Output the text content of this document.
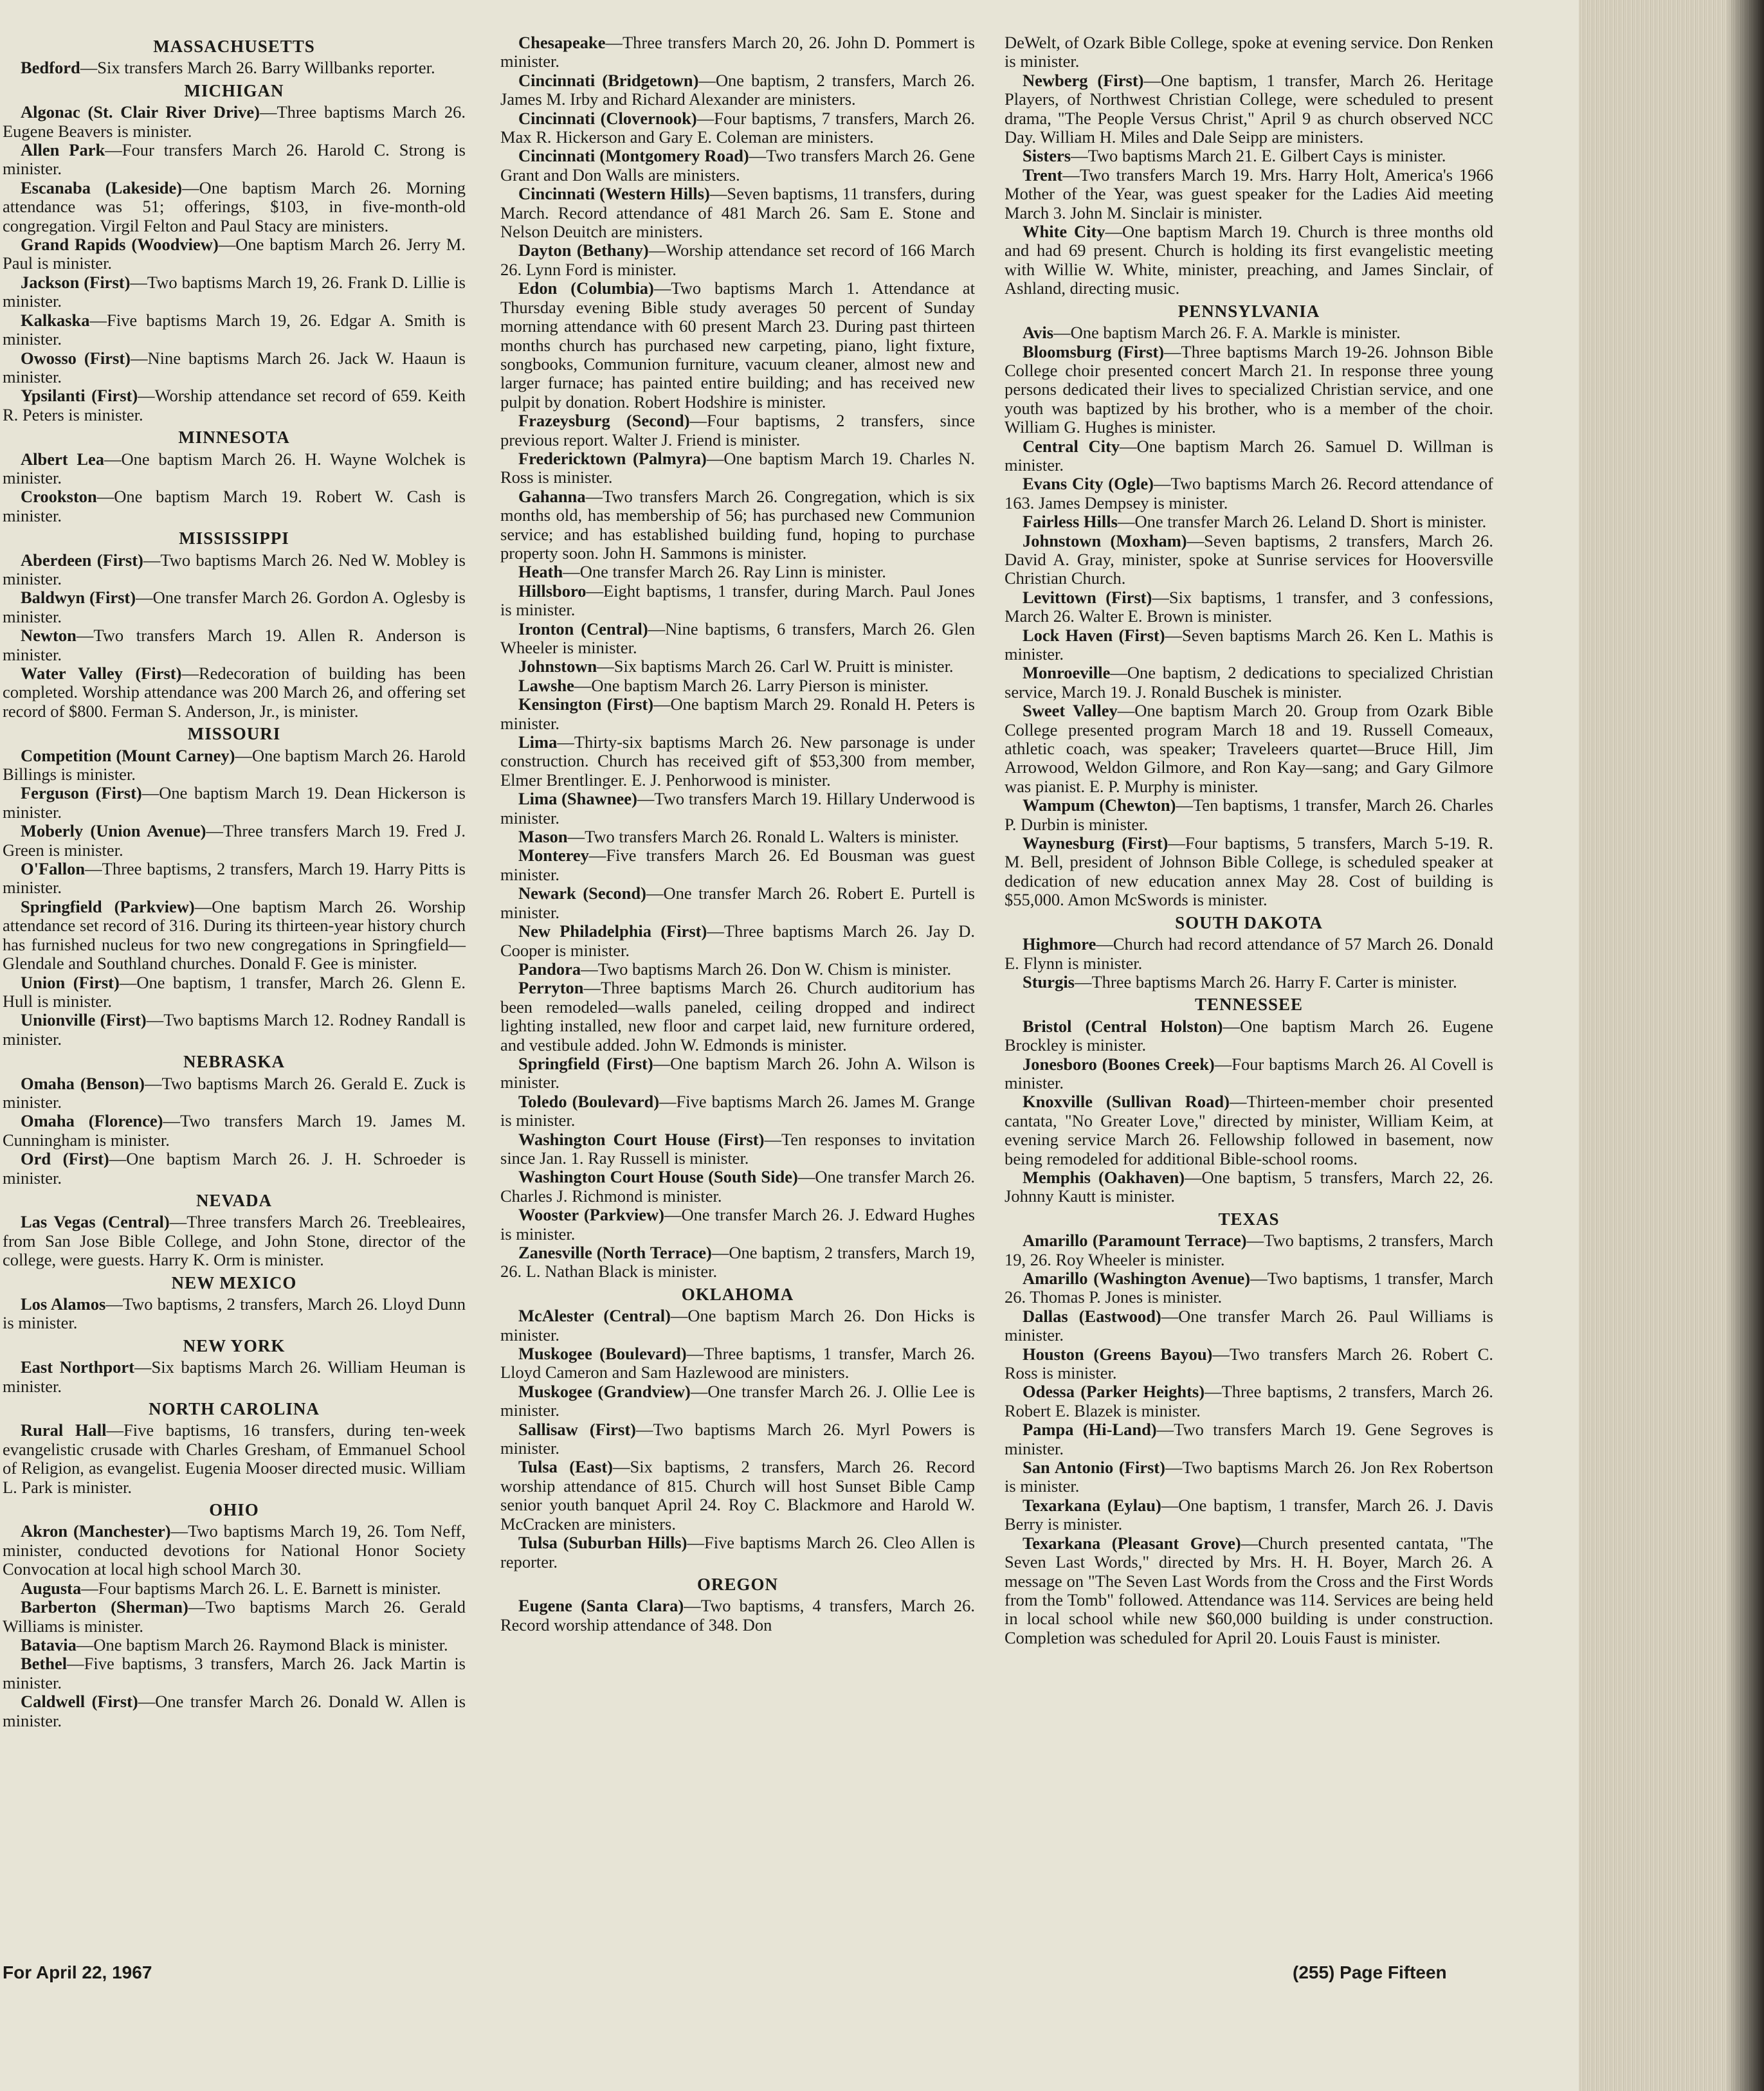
MASSACHUSETTS

Bedford—Six transfers March 26. Barry Willbanks reporter.

MICHIGAN

Algonac (St. Clair River Drive)—Three baptisms March 26. Eugene Beavers is minister.

Allen Park—Four transfers March 26. Harold C. Strong is minister.

Escanaba (Lakeside)—One baptism March 26. Morning attendance was 51; offerings, $103, in five-month-old congregation. Virgil Felton and Paul Stacy are ministers.

Grand Rapids (Woodview)—One baptism March 26. Jerry M. Paul is minister.

Jackson (First)—Two baptisms March 19, 26. Frank D. Lillie is minister.

Kalkaska—Five baptisms March 19, 26. Edgar A. Smith is minister.

Owosso (First)—Nine baptisms March 26. Jack W. Haaun is minister.

Ypsilanti (First)—Worship attendance set record of 659. Keith R. Peters is minister.

MINNESOTA

Albert Lea—One baptism March 26. H. Wayne Wolchek is minister.

Crookston—One baptism March 19. Robert W. Cash is minister.

MISSISSIPPI

Aberdeen (First)—Two baptisms March 26. Ned W. Mobley is minister.

Baldwyn (First)—One transfer March 26. Gordon A. Oglesby is minister.

Newton—Two transfers March 19. Allen R. Anderson is minister.

Water Valley (First)—Redecoration of building has been completed. Worship attendance was 200 March 26, and offering set record of $800. Ferman S. Anderson, Jr., is minister.

MISSOURI

Competition (Mount Carney)—One baptism March 26. Harold Billings is minister.

Ferguson (First)—One baptism March 19. Dean Hickerson is minister.

Moberly (Union Avenue)—Three transfers March 19. Fred J. Green is minister.

O'Fallon—Three baptisms, 2 transfers, March 19. Harry Pitts is minister.

Springfield (Parkview)—One baptism March 26. Worship attendance set record of 316. During its thirteen-year history church has furnished nucleus for two new congregations in Springfield—Glendale and Southland churches. Donald F. Gee is minister.

Union (First)—One baptism, 1 transfer, March 26. Glenn E. Hull is minister.

Unionville (First)—Two baptisms March 12. Rodney Randall is minister.

NEBRASKA

Omaha (Benson)—Two baptisms March 26. Gerald E. Zuck is minister.

Omaha (Florence)—Two transfers March 19. James M. Cunningham is minister.

Ord (First)—One baptism March 26. J. H. Schroeder is minister.

NEVADA

Las Vegas (Central)—Three transfers March 26. Treebleaires, from San Jose Bible College, and John Stone, director of the college, were guests. Harry K. Orm is minister.

NEW MEXICO

Los Alamos—Two baptisms, 2 transfers, March 26. Lloyd Dunn is minister.

NEW YORK

East Northport—Six baptisms March 26. William Heuman is minister.

NORTH CAROLINA

Rural Hall—Five baptisms, 16 transfers, during ten-week evangelistic crusade with Charles Gresham, of Emmanuel School of Religion, as evangelist. Eugenia Mooser directed music. William L. Park is minister.

OHIO

Akron (Manchester)—Two baptisms March 19, 26. Tom Neff, minister, conducted devotions for National Honor Society Convocation at local high school March 30.

Augusta—Four baptisms March 26. L. E. Barnett is minister.

Barberton (Sherman)—Two baptisms March 26. Gerald Williams is minister.

Batavia—One baptism March 26. Raymond Black is minister.

Bethel—Five baptisms, 3 transfers, March 26. Jack Martin is minister.

Caldwell (First)—One transfer March 26. Donald W. Allen is minister.

Chesapeake—Three transfers March 20, 26. John D. Pommert is minister.

Cincinnati (Bridgetown)—One baptism, 2 transfers, March 26. James M. Irby and Richard Alexander are ministers.

Cincinnati (Clovernook)—Four baptisms, 7 transfers, March 26. Max R. Hickerson and Gary E. Coleman are ministers.

Cincinnati (Montgomery Road)—Two transfers March 26. Gene Grant and Don Walls are ministers.

Cincinnati (Western Hills)—Seven baptisms, 11 transfers, during March. Record attendance of 481 March 26. Sam E. Stone and Nelson Deuitch are ministers.

Dayton (Bethany)—Worship attendance set record of 166 March 26. Lynn Ford is minister.

Edon (Columbia)—Two baptisms March 1. Attendance at Thursday evening Bible study averages 50 percent of Sunday morning attendance with 60 present March 23. During past thirteen months church has purchased new carpeting, piano, light fixture, songbooks, Communion furniture, vacuum cleaner, almost new and larger furnace; has painted entire building; and has received new pulpit by donation. Robert Hodshire is minister.

Frazeysburg (Second)—Four baptisms, 2 transfers, since previous report. Walter J. Friend is minister.

Fredericktown (Palmyra)—One baptism March 19. Charles N. Ross is minister.

Gahanna—Two transfers March 26. Congregation, which is six months old, has membership of 56; has purchased new Communion service; and has established building fund, hoping to purchase property soon. John H. Sammons is minister.

Heath—One transfer March 26. Ray Linn is minister.

Hillsboro—Eight baptisms, 1 transfer, during March. Paul Jones is minister.

Ironton (Central)—Nine baptisms, 6 transfers, March 26. Glen Wheeler is minister.

Johnstown—Six baptisms March 26. Carl W. Pruitt is minister.

Lawshe—One baptism March 26. Larry Pierson is minister.

Kensington (First)—One baptism March 29. Ronald H. Peters is minister.

Lima—Thirty-six baptisms March 26. New parsonage is under construction. Church has received gift of $53,300 from member, Elmer Brentlinger. E. J. Penhorwood is minister.

Lima (Shawnee)—Two transfers March 19. Hillary Underwood is minister.

Mason—Two transfers March 26. Ronald L. Walters is minister.

Monterey—Five transfers March 26. Ed Bousman was guest minister.

Newark (Second)—One transfer March 26. Robert E. Purtell is minister.

New Philadelphia (First)—Three baptisms March 26. Jay D. Cooper is minister.

Pandora—Two baptisms March 26. Don W. Chism is minister.

Perryton—Three baptisms March 26. Church auditorium has been remodeled—walls paneled, ceiling dropped and indirect lighting installed, new floor and carpet laid, new furniture ordered, and vestibule added. John W. Edmonds is minister.

Springfield (First)—One baptism March 26. John A. Wilson is minister.

Toledo (Boulevard)—Five baptisms March 26. James M. Grange is minister.

Washington Court House (First)—Ten responses to invitation since Jan. 1. Ray Russell is minister.

Washington Court House (South Side)—One transfer March 26. Charles J. Richmond is minister.

Wooster (Parkview)—One transfer March 26. J. Edward Hughes is minister.

Zanesville (North Terrace)—One baptism, 2 transfers, March 19, 26. L. Nathan Black is minister.

OKLAHOMA

McAlester (Central)—One baptism March 26. Don Hicks is minister.

Muskogee (Boulevard)—Three baptisms, 1 transfer, March 26. Lloyd Cameron and Sam Hazlewood are ministers.

Muskogee (Grandview)—One transfer March 26. J. Ollie Lee is minister.

Sallisaw (First)—Two baptisms March 26. Myrl Powers is minister.

Tulsa (East)—Six baptisms, 2 transfers, March 26. Record worship attendance of 815. Church will host Sunset Bible Camp senior youth banquet April 24. Roy C. Blackmore and Harold W. McCracken are ministers.

Tulsa (Suburban Hills)—Five baptisms March 26. Cleo Allen is reporter.

OREGON

Eugene (Santa Clara)—Two baptisms, 4 transfers, March 26. Record worship attendance of 348. Don

DeWelt, of Ozark Bible College, spoke at evening service. Don Renken is minister.

Newberg (First)—One baptism, 1 transfer, March 26. Heritage Players, of Northwest Christian College, were scheduled to present drama, "The People Versus Christ," April 9 as church observed NCC Day. William H. Miles and Dale Seipp are ministers.

Sisters—Two baptisms March 21. E. Gilbert Cays is minister.

Trent—Two transfers March 19. Mrs. Harry Holt, America's 1966 Mother of the Year, was guest speaker for the Ladies Aid meeting March 3. John M. Sinclair is minister.

White City—One baptism March 19. Church is three months old and had 69 present. Church is holding its first evangelistic meeting with Willie W. White, minister, preaching, and James Sinclair, of Ashland, directing music.

PENNSYLVANIA

Avis—One baptism March 26. F. A. Markle is minister.

Bloomsburg (First)—Three baptisms March 19-26. Johnson Bible College choir presented concert March 21. In response three young persons dedicated their lives to specialized Christian service, and one youth was baptized by his brother, who is a member of the choir. William G. Hughes is minister.

Central City—One baptism March 26. Samuel D. Willman is minister.

Evans City (Ogle)—Two baptisms March 26. Record attendance of 163. James Dempsey is minister.

Fairless Hills—One transfer March 26. Leland D. Short is minister.

Johnstown (Moxham)—Seven baptisms, 2 transfers, March 26. David A. Gray, minister, spoke at Sunrise services for Hooversville Christian Church.

Levittown (First)—Six baptisms, 1 transfer, and 3 confessions, March 26. Walter E. Brown is minister.

Lock Haven (First)—Seven baptisms March 26. Ken L. Mathis is minister.

Monroeville—One baptism, 2 dedications to specialized Christian service, March 19. J. Ronald Buschek is minister.

Sweet Valley—One baptism March 20. Group from Ozark Bible College presented program March 18 and 19. Russell Comeaux, athletic coach, was speaker; Traveleers quartet—Bruce Hill, Jim Arrowood, Weldon Gilmore, and Ron Kay—sang; and Gary Gilmore was pianist. E. P. Murphy is minister.

Wampum (Chewton)—Ten baptisms, 1 transfer, March 26. Charles P. Durbin is minister.

Waynesburg (First)—Four baptisms, 5 transfers, March 5-19. R. M. Bell, president of Johnson Bible College, is scheduled speaker at dedication of new education annex May 28. Cost of building is $55,000. Amon McSwords is minister.

SOUTH DAKOTA

Highmore—Church had record attendance of 57 March 26. Donald E. Flynn is minister.

Sturgis—Three baptisms March 26. Harry F. Carter is minister.

TENNESSEE

Bristol (Central Holston)—One baptism March 26. Eugene Brockley is minister.

Jonesboro (Boones Creek)—Four baptisms March 26. Al Covell is minister.

Knoxville (Sullivan Road)—Thirteen-member choir presented cantata, "No Greater Love," directed by minister, William Keim, at evening service March 26. Fellowship followed in basement, now being remodeled for additional Bible-school rooms.

Memphis (Oakhaven)—One baptism, 5 transfers, March 22, 26. Johnny Kautt is minister.

TEXAS

Amarillo (Paramount Terrace)—Two baptisms, 2 transfers, March 19, 26. Roy Wheeler is minister.

Amarillo (Washington Avenue)—Two baptisms, 1 transfer, March 26. Thomas P. Jones is minister.

Dallas (Eastwood)—One transfer March 26. Paul Williams is minister.

Houston (Greens Bayou)—Two transfers March 26. Robert C. Ross is minister.

Odessa (Parker Heights)—Three baptisms, 2 transfers, March 26. Robert E. Blazek is minister.

Pampa (Hi-Land)—Two transfers March 19. Gene Segroves is minister.

San Antonio (First)—Two baptisms March 26. Jon Rex Robertson is minister.

Texarkana (Eylau)—One baptism, 1 transfer, March 26. J. Davis Berry is minister.

Texarkana (Pleasant Grove)—Church presented cantata, "The Seven Last Words," directed by Mrs. H. H. Boyer, March 26. A message on "The Seven Last Words from the Cross and the First Words from the Tomb" followed. Attendance was 114. Services are being held in local school while new $60,000 building is under construction. Completion was scheduled for April 20. Louis Faust is minister.

For April 22, 1967	(255) Page Fifteen
